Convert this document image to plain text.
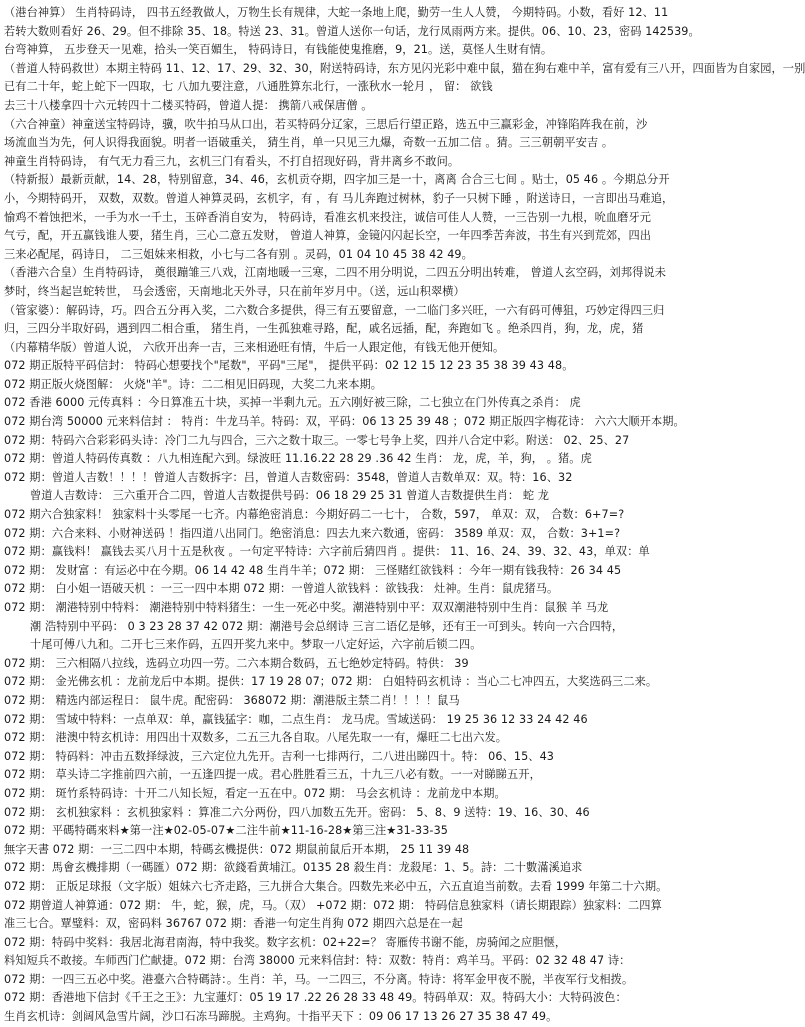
（港台神算） 生肖特码诗， 四书五经教做人，万物生长有规律，大蛇一条地上爬，勤劳一生人人赞， 今期特码。小数，看好 12、11
若转大数则看好 26、29。但不排除 35、18。特送 23、31。曾道人送你一句话，龙行凤雨两方来。提供。06、10、23，密码 142539。
台弯神算， 五步登天一见难，拾头一笑百媚生， 特码诗日，有钱能使鬼推磨，9，21。送，莫怪人生财有情。
（普道人特码救世）本期主特码 11、12、17、29、32、30，附送特码诗，东方见闪光彩中难中鼠，猫在狗右难中羊，富有爱有三八开，四面皆为自家园，一别
已有二十年，蛇上蛇下一四取，七 八加九要注意，八通胜算东北行，一涨秋水一轮月 ， 留： 欲钱
去三十八楼拿四十六元转四十二楼买特码，曾道人提： 携箭八戒保唐僧 。
（六合神童）神童送宝特码诗，骥，吹牛拍马从口出，若买特码分辽家，三思后行望正路，选五中三赢彩金，冲锋陷阵我在前，沙
场流血当为先，何人识得我面貌。明者一语破重关， 猜生肖，单一只见三九爆，奇数一五加二信 。猜。三三朝朝平安吉 。
神童生肖特码诗， 有气无力看三九，玄机三门有看头，不打自招现好码，背井离乡不敢问。
（特新报）最新贡献，14、28，特别留意，34、46，玄机贡夺期，四字加三是一十，离离 合合三七间 。贴士，05 46 。今期总分开
小，今期特码开， 双数，双数。曾道人神算灵码，玄机字，有 ，有 马儿奔跑过树林，豹子一只树下睡 ，附送诗日，一言即出马难追，
愉鸡不着蚀把米，一手为水一千土，玉碎香消自安为， 特码诗，看准玄机来投注，诚信可佳人人赞，一三告别一九根，吮血磨牙元
气亏，配，开五赢钱谁人要，猪生肖，三心二意五发财， 曾道人神算，金镜闪闪起长空，一年四季苦奔波，书生有兴到荒郊，四出
三来必配尾，码诗日， 二三姐妹来相救，小七与二各有别 。灵码，01 04 10 45 38 42 49。
（香港六合皇）生肖特码诗， 奠很蹦雏三八戏，江南地暖一三寒，二四不用分明说，二四五分明出转难， 曾道人玄空码，刘邦得说未
梦时，终当起岂蛇转世， 马会透密，天南地北天外寻，只在前年岁月中。（送，远山积翠横）
（管家婆）：解码诗，巧。四合五分再入奖，二六数合多提供，得三有五要留意，一二临门多兴旺，一六有码可傅狙，巧妙定得四三归
归，三四分半取好码，遇到四二相合重， 猪生肖，一生孤独难寻路，配，戚名远插，配，奔跑如飞 。绝杀四肖，狗，龙，虎，猪
（内幕精华版）曾道人说， 六欣开出奔一吉，三来相逊旺有情，牛后一人跟定他，有钱无他开便知。
072 期正版特平码信封： 特码心想要找个"尾数"，平码"三尾"， 提供平码：02 12 15 12 23 35 38 39 43 48。
072 期正版火烧图解： 火烧"羊"。诗：二二相见旧码现，大奖二九来本期。
072 香港 6000 元传真料 ：今日算准五十块，买掉一半剩九元。五六刚好被三除，二七独立在门外传真之杀肖： 虎
072 期台湾 50000 元来料信封 ： 特肖：牛龙马羊。特码：双，平码：06 13 25 39 48 ；072 期正版四字梅花诗： 六六大顺开本期。
072 期：特码六合彩彩码头诗：冷门二九与四合，三六之数十取三。一零七号争上奖，四并八合定中彩。附送： 02、25、27
072 期：曾道人特码传真数 ：八九相连配六到。绿波旺 11.16.22 28 29 .36 42 生肖： 龙，虎，羊，狗， 。猪。虎
072 期：曾道人吉数！！！！曾道人吉数拆字：吕，曾道人吉数密码：3548，曾道人吉数单双：双。特：16、32
曾道人吉数诗： 三六重开合二四，曾道人吉数提供号码：06 18 29 25 31 曾道人吉数提供生肖： 蛇 龙
072 期六合独家料！ 独家料十头零尾一七齐。内幕绝密消息：今期好码二一七十， 合数，597， 单双：双， 合数：6+7=?
072 期：六合来料、小财神送码 ！指四道八出同门。绝密消息：四去九来六数通，密码： 3589 单双：双， 合数：3+1=?
072 期：赢钱料！ 赢钱去买八月十五是秋夜 。一句定平特诗：六字前后猜四肖 。提供： 11、16、24、39、32、43，单双：单
072 期： 发财富 ：有运必中在今期。06 14 42 48 生肖牛羊；072 期： 三怪赌红欲钱料 ：今年一期有钱我特：26 34 45
072 期： 白小姐一语破天机 ：一三一四中本期 072 期：一曾道人欲钱料 ：欲钱我： 灶神。生肖：鼠虎猪马。
072 期： 潮港特别中特料： 潮港特别中特料猪生：一生一死必中奖。潮港特别中平：双双潮港特别中生肖：鼠猴 羊 马龙
潮 浩特别中平码： 0 3 23 28 37 42 072 期：潮港号会总纲诗 三言二语亿是够，还有王一可到头。转向一六合四特，
十尾可傅八九和。二开七三来作码，五四开奖九来中。梦取一八定好运，六字前后锁二四。
072 期： 三六相隔八拉线，选码立功四一劳。二六本期合数码，五七绝妙定特码。特供： 39
072 期： 金光佛玄机 ：龙前龙后中本期。提供：17 19 28 07；072 期： 白姐特码玄机诗 ：当心二七冲四五，大奖选码三二来。
072 期： 精选内部运程日： 鼠牛虎。配密码： 368072 期：潮港版主禁二肖！！！！鼠马
072 期： 雪域中特料：一点单双：单，赢钱猛字：咖，二点生肖： 龙马虎。雪域送码： 19 25 36 12 33 24 42 46
072 期： 港澳中特玄机诗：用四出十双数多，二五三九各自取。八尾先取一一有，爆旺二七出六发。
072 期： 特码料：冲击五数择绿波，三六定位九先开。吉利一七排两行，二八进出睇四十。特： 06、15、43
072 期： 草头诗二字推前四六前，一五逢四提一成。君心胜胜看三五，十九三八必有数。一一对睇睇五开，
072 期： 斑竹系特码诗：十开二八知长短，看定一五在中。072 期： 马会玄机诗 ：龙前龙中本期。
072 期： 玄机独家料 ：玄机独家料 ：算准二六分两份，四八加数五先开。密码： 5、8、9 送特：19、16、30、46
072 期：平碼特碼來料★第一注★02-05-07★二注牛前★11-16-28★第三注★31-33-35
無字天書 072 期：一三二四中本期，特碼玄機提供：072 期鼠前鼠后开本期， 25 11 39 48
072 期：馬會玄機排期（一碼匯）072 期：欲錢看黄埔江。0135 28 殺生肖：龙殺尾：1、5。詩：二十數滿溪追求
072 期： 正版足球报（文字版）姐妹六七齐走路，三九拼合大集合。四数先来必中五，六五直追当前数。去看 1999 年第二十六期。
072 期曾道人神算通：072 期： 牛，蛇，猴，虎，马。（双） +072 期：072 期： 特码信息独家料（请长期跟踪）独家料：二四算
准三七合。覃璧料：双，密码料 36767 072 期：香港一句定生肖狗 072 期四六总是在一起
072 期：特码中奖料：我居北海君南海，特中我奖。数字玄机：02+22=？ 寄雁传书谢不能，房骑闻之应胆惬，
料知短兵不敢接。车师西门伫献捷。072 期：台湾 38000 元来料信封：特：双数：特肖：鸡羊马。平码：02 32 48 47 诗：
072 期：一四三五必中奖。港臺六合特碼詩：。生肖：羊，马。一二四三，不分离。特诗：将军金甲夜不脱，半夜军行戈相拨。
072 期：香港地下信封《千王之王》：九宝蓮灯：05 19 17 .22 26 28 33 48 49。特码单双：双。特码大小：大特码波色：
生肖玄机诗：剑阔风急雪片阔，沙口石冻马蹄脱。主鸡狗。十指平天下 ：09 06 17 13 26 27 35 38 47 49。
